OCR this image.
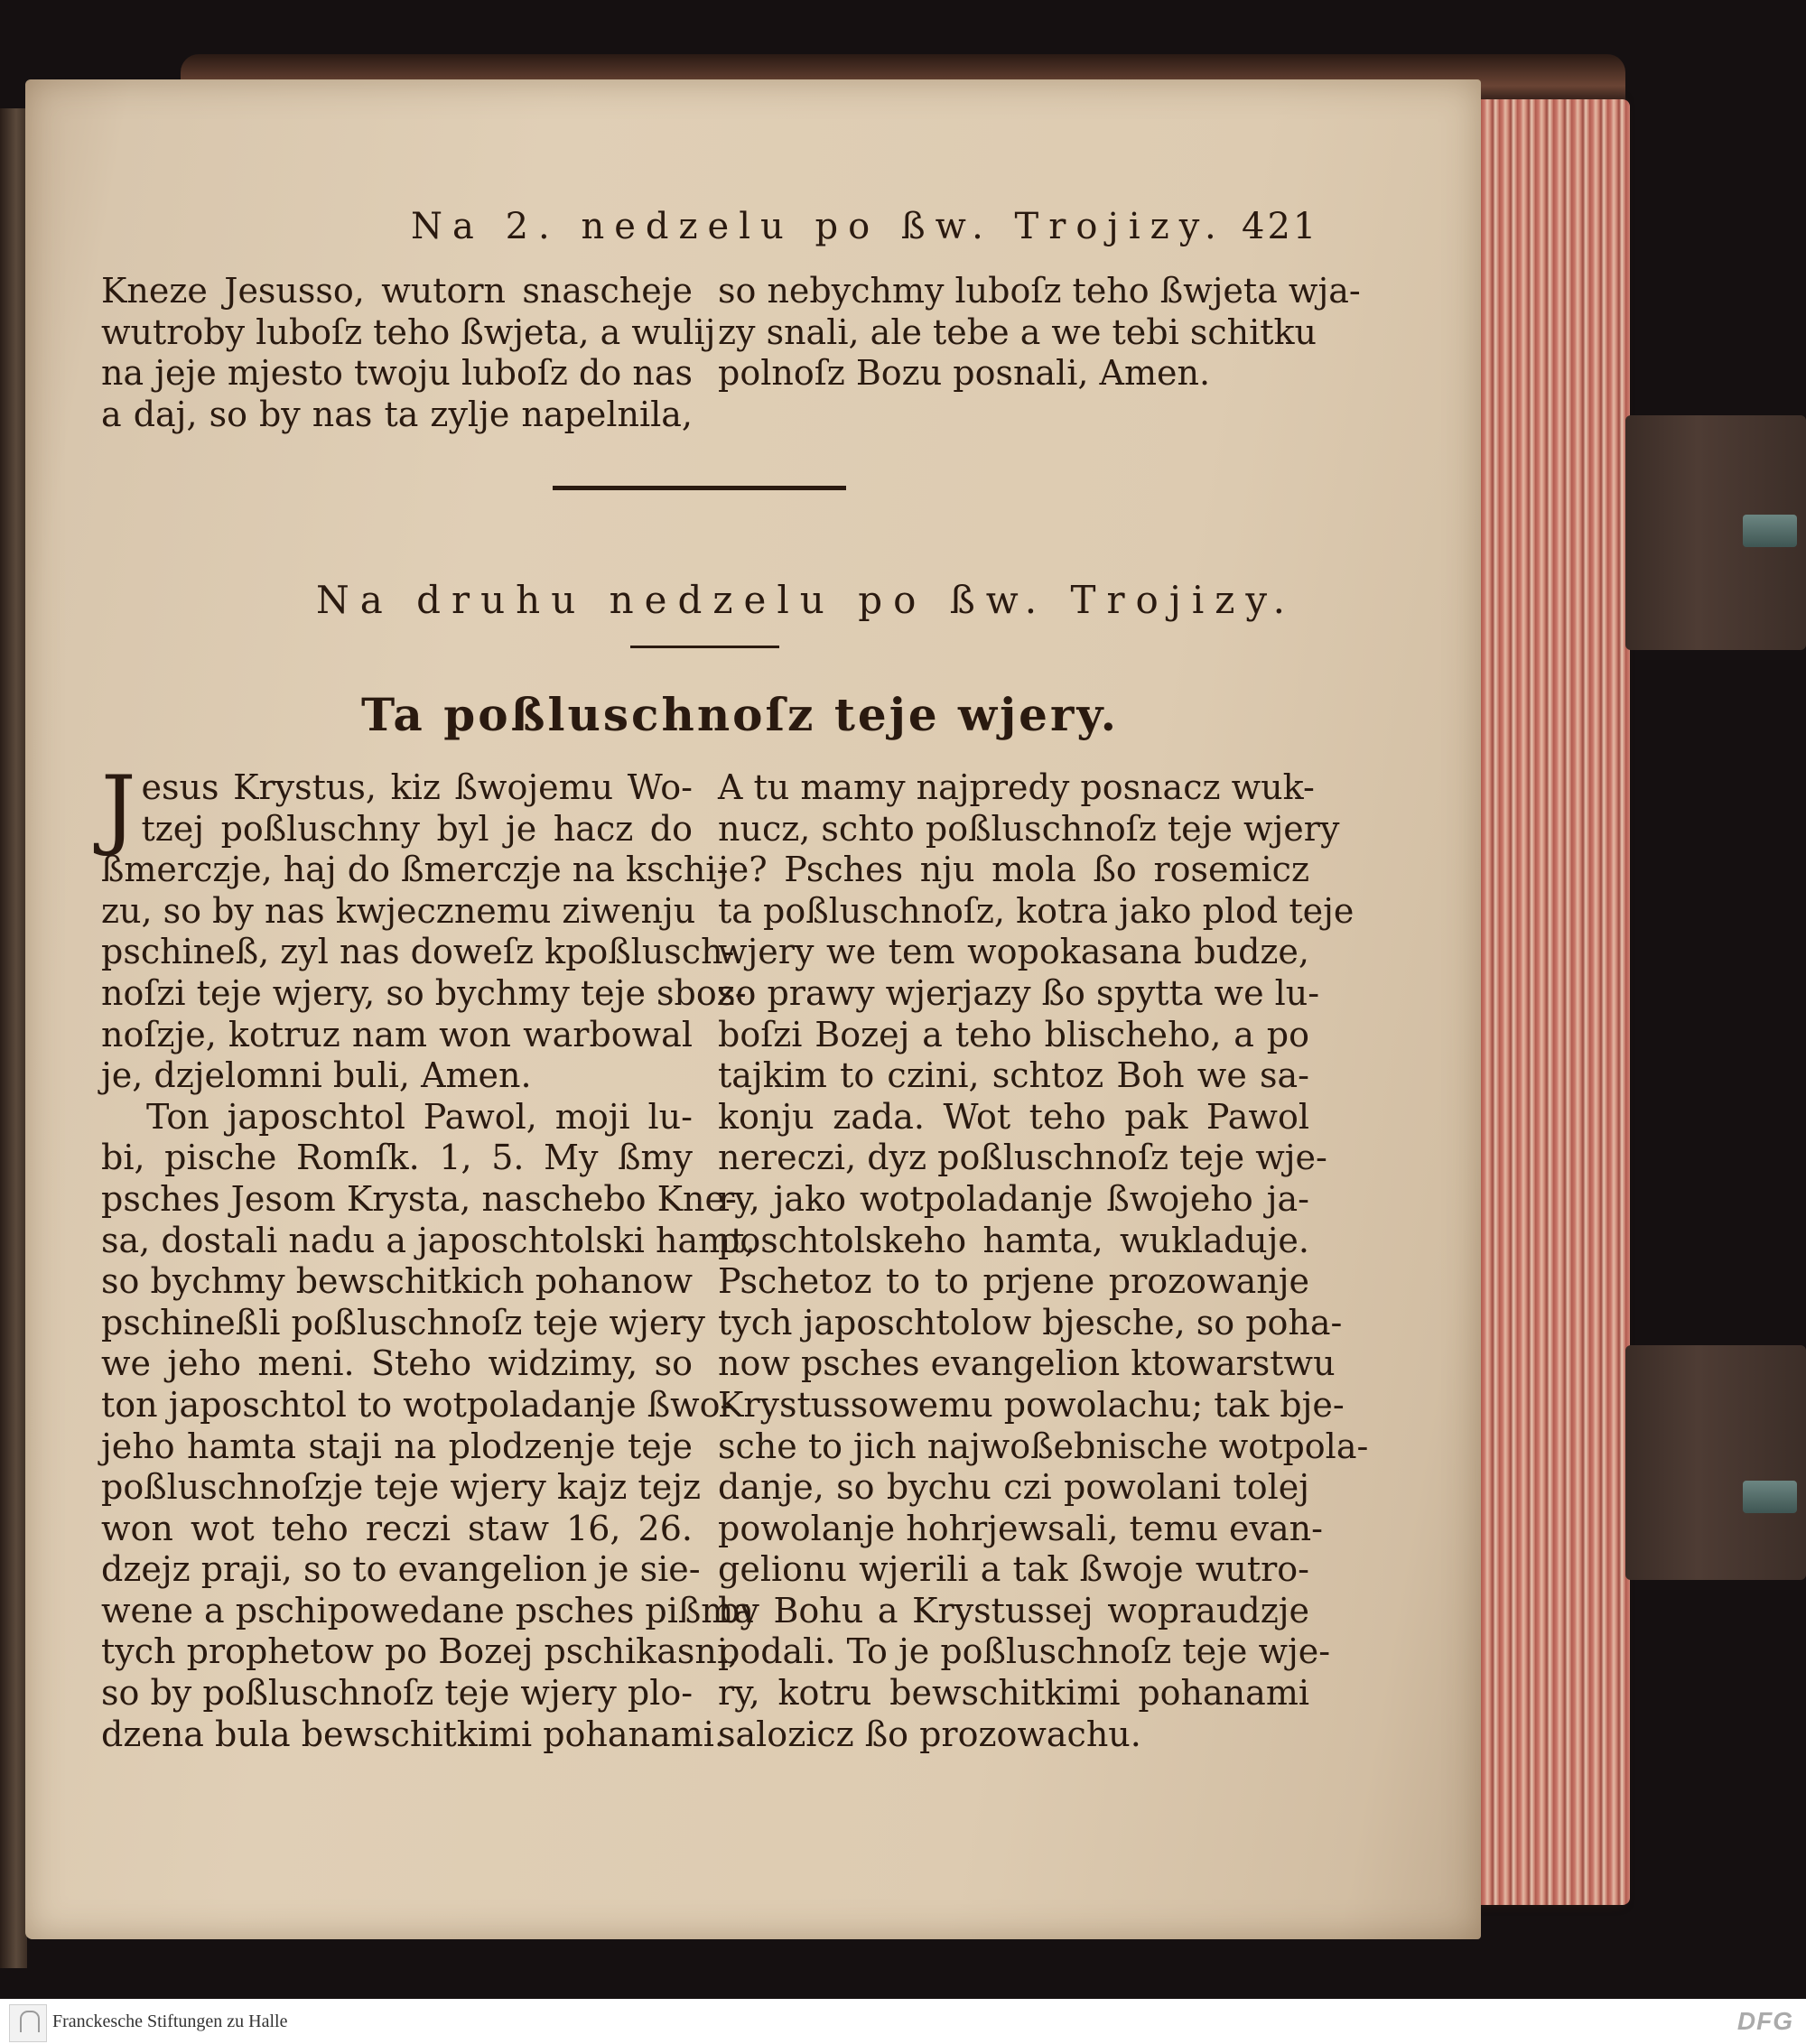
Na 2. nedzelu po ßw. Trojizy. 421
Kneze Jesusso, wutorn snascheje
wutroby luboſz teho ßwjeta, a wulij
na jeje mjesto twoju luboſz do nas
a daj, so by nas ta zylje napelnila,
so nebychmy luboſz teho ßwjeta wja-
zy snali, ale tebe a we tebi schitku
polnoſz Bozu posnali, Amen.
Na druhu nedzelu po ßw. Trojizy.
Ta poßluschnoſz teje wjery.
J esus Krystus, kiz ßwojemu Wo-
tzej poßluschny byl je hacz do
ßmerczje, haj do ßmerczje na kschi-
zu, so by nas kwjecznemu ziwenju
pschineß, zyl nas doweſz kpoßlusch-
noſzi teje wjery, so bychmy teje sboz-
noſzje, kotruz nam won warbowal
je, dzjelomni buli, Amen.
Ton japoschtol Pawol, moji lu-
bi, pische Romſk. 1, 5. My ßmy
psches Jesom Krysta, naschebo Kne-
sa, dostali nadu a japoschtolski hamt,
so bychmy bewschitkich pohanow
pschineßli poßluschnoſz teje wjery
we jeho meni. Steho widzimy, so
ton japoschtol to wotpoladanje ßwo-
jeho hamta staji na plodzenje teje
poßluschnoſzje teje wjery kajz tejz
won wot teho reczi staw 16, 26.
dzejz praji, so to evangelion je sie-
wene a pschipowedane psches pißma
tych prophetow po Bozej pschikasni,
so by poßluschnoſz teje wjery plo-
dzena bula bewschitkimi pohanami.
A tu mamy najpredy posnacz wuk-
nucz, schto poßluschnoſz teje wjery
je? Psches nju mola ßo rosemicz
ta poßluschnoſz, kotra jako plod teje
wjery we tem wopokasana budze,
so prawy wjerjazy ßo spytta we lu-
boſzi Bozej a teho blischeho, a po
tajkim to czini, schtoz Boh we sa-
konju zada. Wot teho pak Pawol
nereczi, dyz poßluschnoſz teje wje-
ry, jako wotpoladanje ßwojeho ja-
poschtolskeho hamta, wukladuje.
Pschetoz to to prjene prozowanje
tych japoschtolow bjesche, so poha-
now psches evangelion ktowarstwu
Krystussowemu powolachu; tak bje-
sche to jich najwoßebnische wotpola-
danje, so bychu czi powolani tolej
powolanje hohrjewsali, temu evan-
gelionu wjerili a tak ßwoje wutro-
by Bohu a Krystussej wopraudzje
podali. To je poßluschnoſz teje wje-
ry, kotru bewschitkimi pohanami
salozicz ßo prozowachu.
Franckesche Stiftungen zu Halle	DFG
